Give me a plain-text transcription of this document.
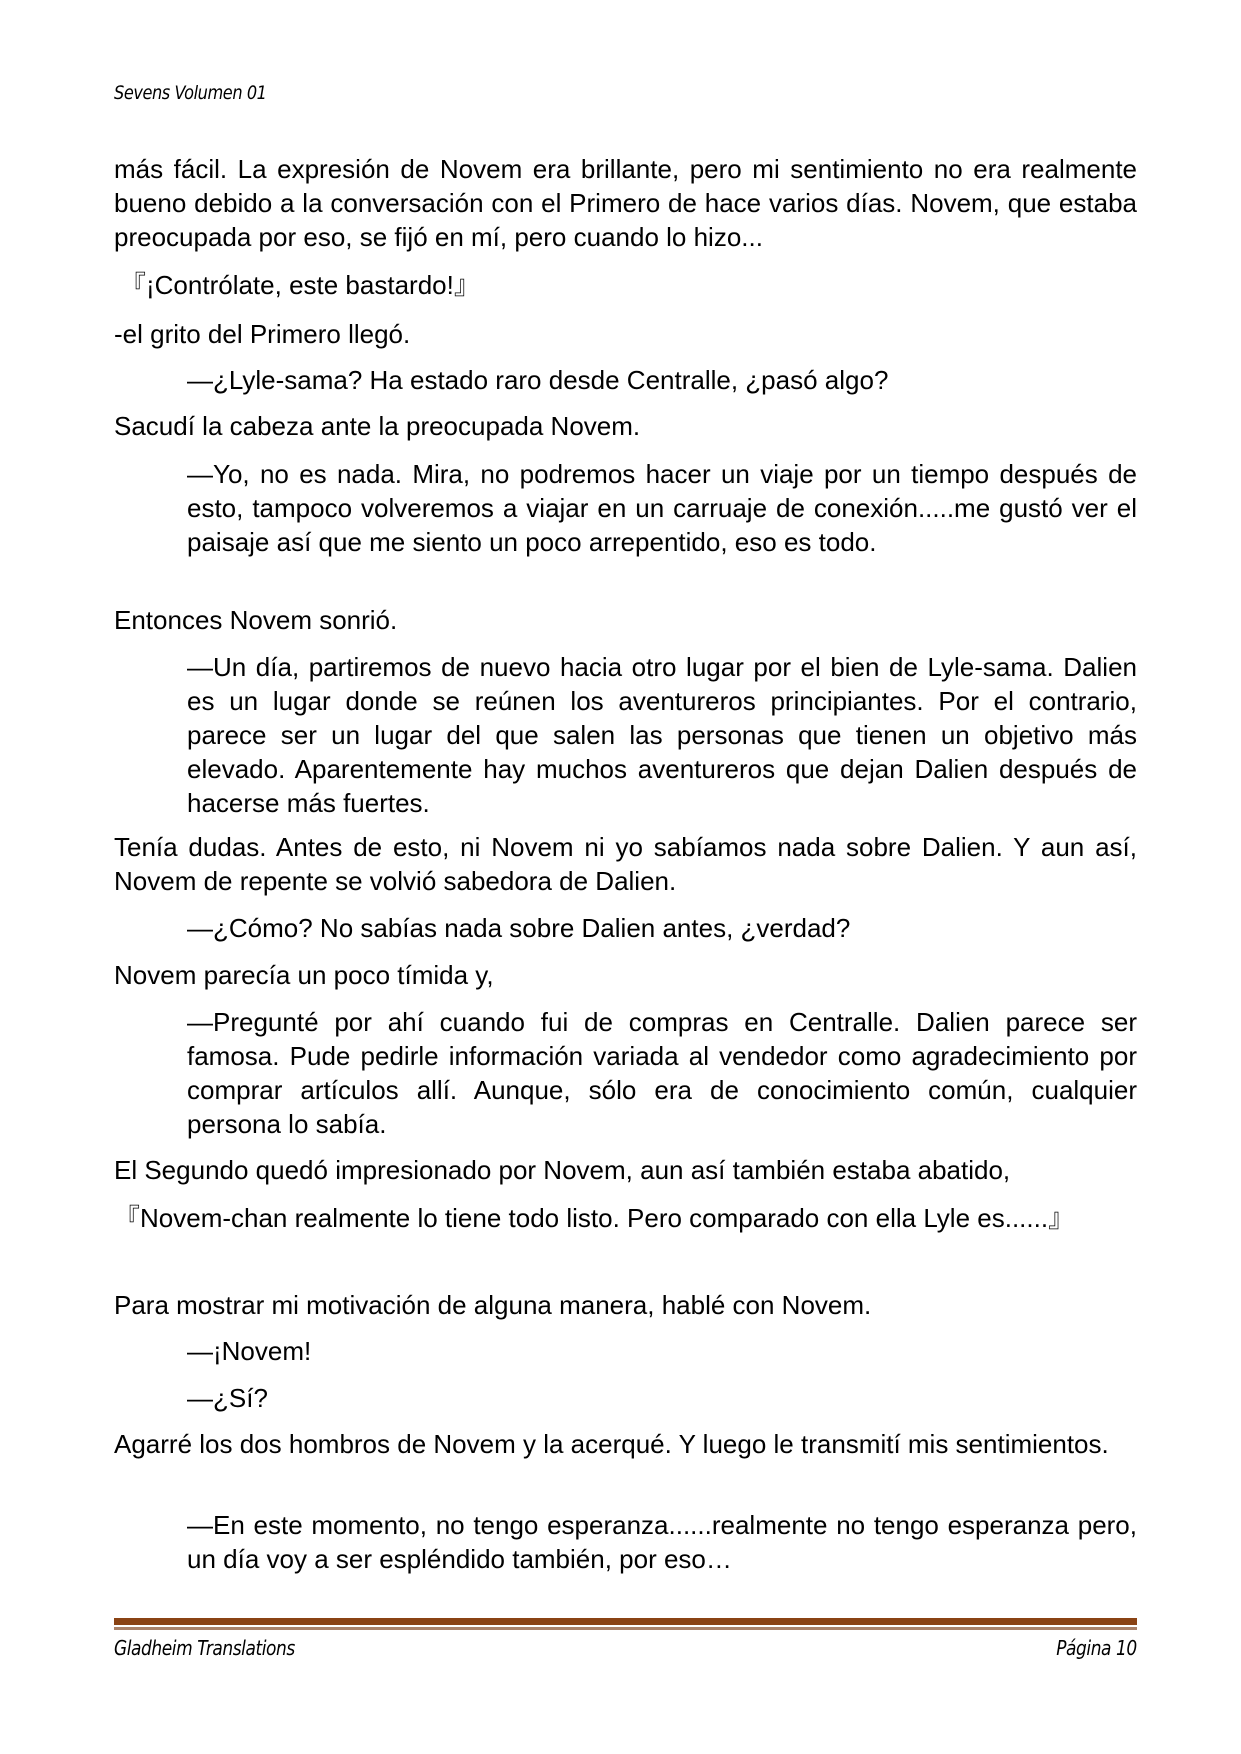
Sevens Volumen 01

más fácil. La expresión de Novem era brillante, pero mi sentimiento no era realmente bueno debido a la conversación con el Primero de hace varios días. Novem, que estaba preocupada por eso, se fijó en mí, pero cuando lo hizo...

『¡Contrólate, este bastardo!』

-el grito del Primero llegó.

—¿Lyle-sama? Ha estado raro desde Centralle, ¿pasó algo?

Sacudí la cabeza ante la preocupada Novem.

—Yo, no es nada. Mira, no podremos hacer un viaje por un tiempo después de esto, tampoco volveremos a viajar en un carruaje de conexión.....me gustó ver el paisaje así que me siento un poco arrepentido, eso es todo.

Entonces Novem sonrió.

—Un día, partiremos de nuevo hacia otro lugar por el bien de Lyle-sama. Dalien es un lugar donde se reúnen los aventureros principiantes. Por el contrario, parece ser un lugar del que salen las personas que tienen un objetivo más elevado. Aparentemente hay muchos aventureros que dejan Dalien después de hacerse más fuertes.

Tenía dudas. Antes de esto, ni Novem ni yo sabíamos nada sobre Dalien. Y aun así, Novem de repente se volvió sabedora de Dalien.

—¿Cómo? No sabías nada sobre Dalien antes, ¿verdad?

Novem parecía un poco tímida y,

—Pregunté por ahí cuando fui de compras en Centralle. Dalien parece ser famosa. Pude pedirle información variada al vendedor como agradecimiento por comprar artículos allí. Aunque, sólo era de conocimiento común, cualquier persona lo sabía.

El Segundo quedó impresionado por Novem, aun así también estaba abatido,

『Novem-chan realmente lo tiene todo listo. Pero comparado con ella Lyle es......』

Para mostrar mi motivación de alguna manera, hablé con Novem.

—¡Novem!

—¿Sí?

Agarré los dos hombros de Novem y la acerqué. Y luego le transmití mis sentimientos.

—En este momento, no tengo esperanza......realmente no tengo esperanza pero, un día voy a ser espléndido también, por eso…

Gladheim Translations	Página 10
